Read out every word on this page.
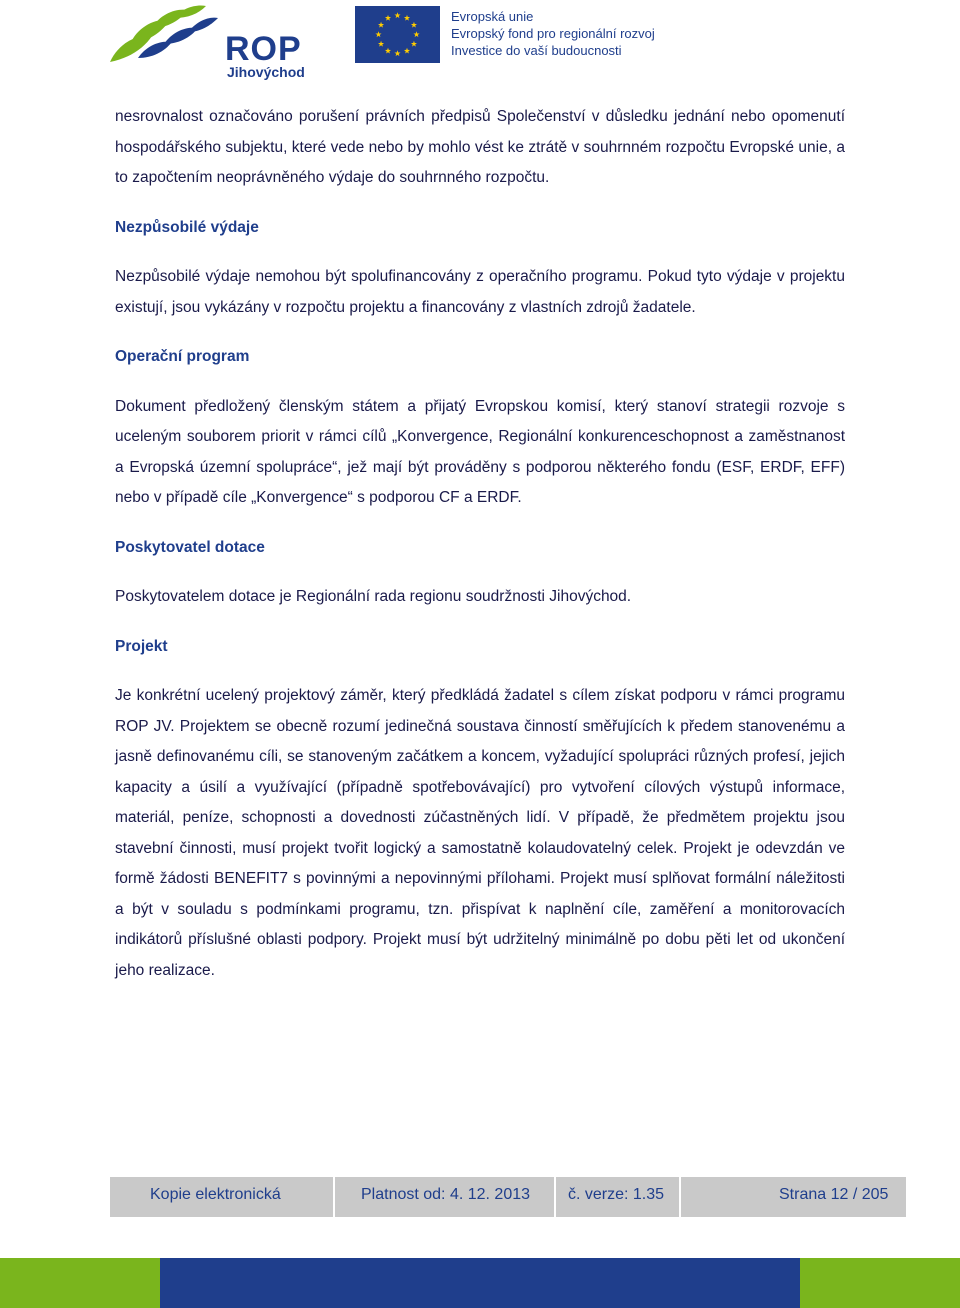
ROP
Jihovýchod
Evropská unie
Evropský fond pro regionální rozvoj
Investice do vaší budoucnosti

nesrovnalost označováno porušení právních předpisů Společenství v důsledku jednání nebo opomenutí hospodářského subjektu, které vede nebo by mohlo vést ke ztrátě v souhrnném rozpočtu Evropské unie, a to započtením neoprávněného výdaje do souhrnného rozpočtu.

Nezpůsobilé výdaje

Nezpůsobilé výdaje nemohou být spolufinancovány z operačního programu. Pokud tyto výdaje v projektu existují, jsou vykázány v rozpočtu projektu a financovány z vlastních zdrojů žadatele.

Operační program

Dokument předložený členským státem a přijatý Evropskou komisí, který stanoví strategii rozvoje s uceleným souborem priorit v rámci cílů „Konvergence, Regionální konkurenceschopnost a zaměstnanost a Evropská územní spolupráce“, jež mají být prováděny s podporou některého fondu (ESF, ERDF, EFF) nebo v případě cíle „Konvergence“ s podporou CF a ERDF.

Poskytovatel dotace

Poskytovatelem dotace je Regionální rada regionu soudržnosti Jihovýchod.

Projekt

Je konkrétní ucelený projektový záměr, který předkládá žadatel s cílem získat podporu v rámci programu ROP JV. Projektem se obecně rozumí jedinečná soustava činností směřujících k předem stanovenému a jasně definovanému cíli, se stanoveným začátkem a koncem, vyžadující spolupráci různých profesí, jejich kapacity a úsilí a využívající (případně spotřebovávající) pro vytvoření cílových výstupů informace, materiál, peníze, schopnosti a dovednosti zúčastněných lidí. V případě, že předmětem projektu jsou stavební činnosti, musí projekt tvořit logický a samostatně kolaudovatelný celek. Projekt je odevzdán ve formě žádosti BENEFIT7 s povinnými a nepovinnými přílohami. Projekt musí splňovat formální náležitosti a být v souladu s podmínkami programu, tzn. přispívat k naplnění cíle, zaměření a monitorovacích indikátorů příslušné oblasti podpory. Projekt musí být udržitelný minimálně po dobu pěti let od ukončení jeho realizace.

Kopie elektronická	Platnost od: 4. 12. 2013 č. verze: 1.35	Strana 12 / 205
